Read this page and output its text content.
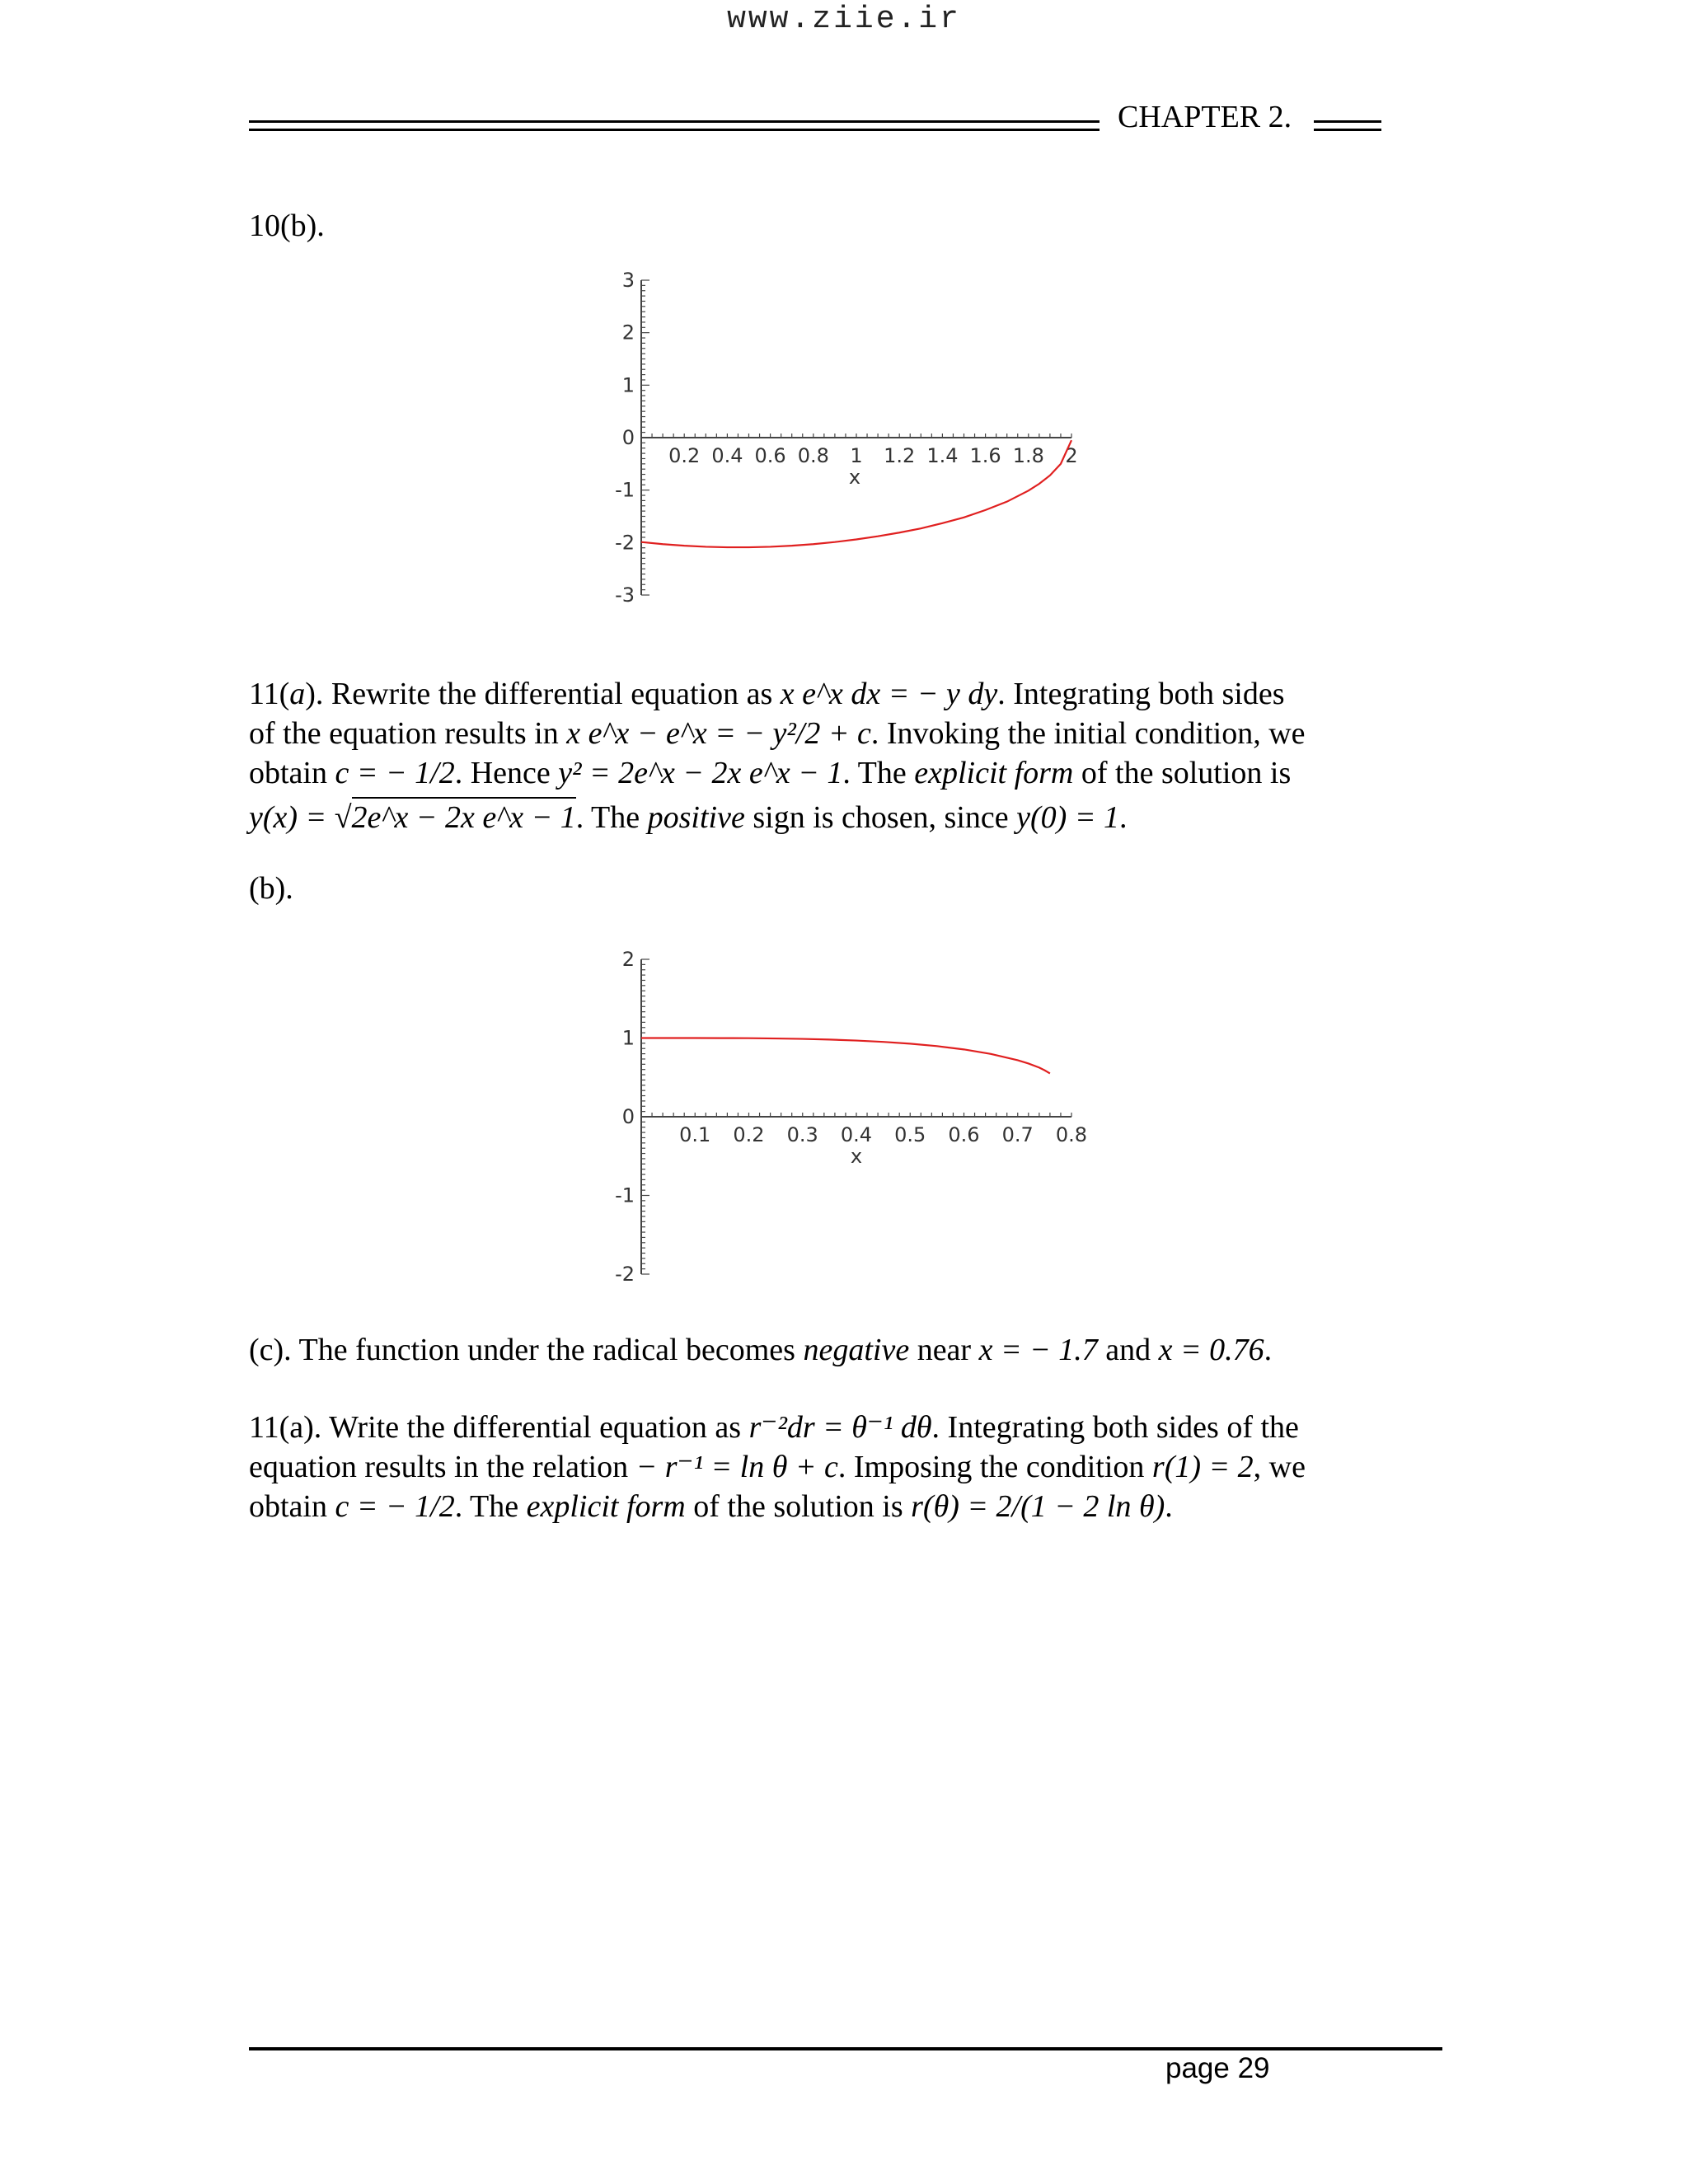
www.ziie.ir
CHAPTER 2.
10(b).
3
2
1
0
-1
-2
-3
0.2 0.4 0.6 0.8 1 1.2 1.4 1.6 1.8 2
x
11(a). Rewrite the differential equation as x e^x dx = − y dy. Integrating both sides
of the equation results in x e^x − e^x = − y²/2 + c. Invoking the initial condition, we
obtain c = − 1/2. Hence y² = 2e^x − 2x e^x − 1. The explicit form of the solution is
y(x) = √2e^x − 2x e^x − 1. The positive sign is chosen, since y(0) = 1.
(b).
2
1
0
-1
-2
0.1 0.2 0.3 0.4 0.5 0.6 0.7 0.8
x
(c). The function under the radical becomes negative near x = − 1.7 and x = 0.76.
11(a). Write the differential equation as r⁻²dr = θ⁻¹ dθ. Integrating both sides of the
equation results in the relation − r⁻¹ = ln θ + c. Imposing the condition r(1) = 2, we
obtain c = − 1/2. The explicit form of the solution is r(θ) = 2/(1 − 2 ln θ).
page 29
